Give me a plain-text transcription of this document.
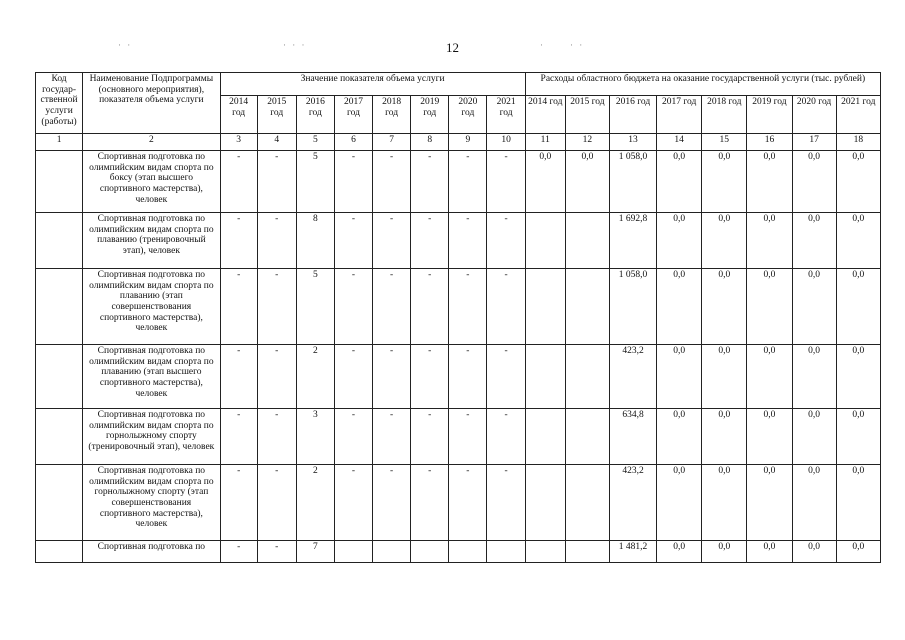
12
· ·	· · ·	·	· ·
Код государ-ственной услуги (работы)	Наименование Подпрограммы (основного мероприятия), показателя объема услуги	Значение показателя объема услуги								Расходы областного бюджета на оказание государственной услуги (тыс. рублей)							
		2014 год	2015 год	2016 год	2017 год	2018 год	2019 год	2020 год	2021 год	2014 год	2015 год	2016 год	2017 год	2018 год	2019 год	2020 год	2021 год
1	2	3	4	5	6	7	8	9	10	11	12	13	14	15	16	17	18
	Спортивная подготовка по олимпийским видам спорта по боксу (этап высшего спортивного мастерства), человек	-	-	5	-	-	-	-	-	0,0	0,0	1 058,0	0,0	0,0	0,0	0,0	0,0
	Спортивная подготовка по олимпийским видам спорта по плаванию (тренировочный этап), человек	-	-	8	-	-	-	-	-			1 692,8	0,0	0,0	0,0	0,0	0,0
	Спортивная подготовка по олимпийским видам спорта по плаванию (этап совершенствования спортивного мастерства), человек	-	-	5	-	-	-	-	-			1 058,0	0,0	0,0	0,0	0,0	0,0
	Спортивная подготовка по олимпийским видам спорта по плаванию (этап высшего спортивного мастерства), человек	-	-	2	-	-	-	-	-			423,2	0,0	0,0	0,0	0,0	0,0
	Спортивная подготовка по олимпийским видам спорта по горнолыжному спорту (тренировочный этап), человек	-	-	3	-	-	-	-	-			634,8	0,0	0,0	0,0	0,0	0,0
	Спортивная подготовка по олимпийским видам спорта по горнолыжному спорту (этап совершенствования спортивного мастерства), человек	-	-	2	-	-	-	-	-			423,2	0,0	0,0	0,0	0,0	0,0
	Спортивная подготовка по	-	-	7								1 481,2	0,0	0,0	0,0	0,0	0,0
